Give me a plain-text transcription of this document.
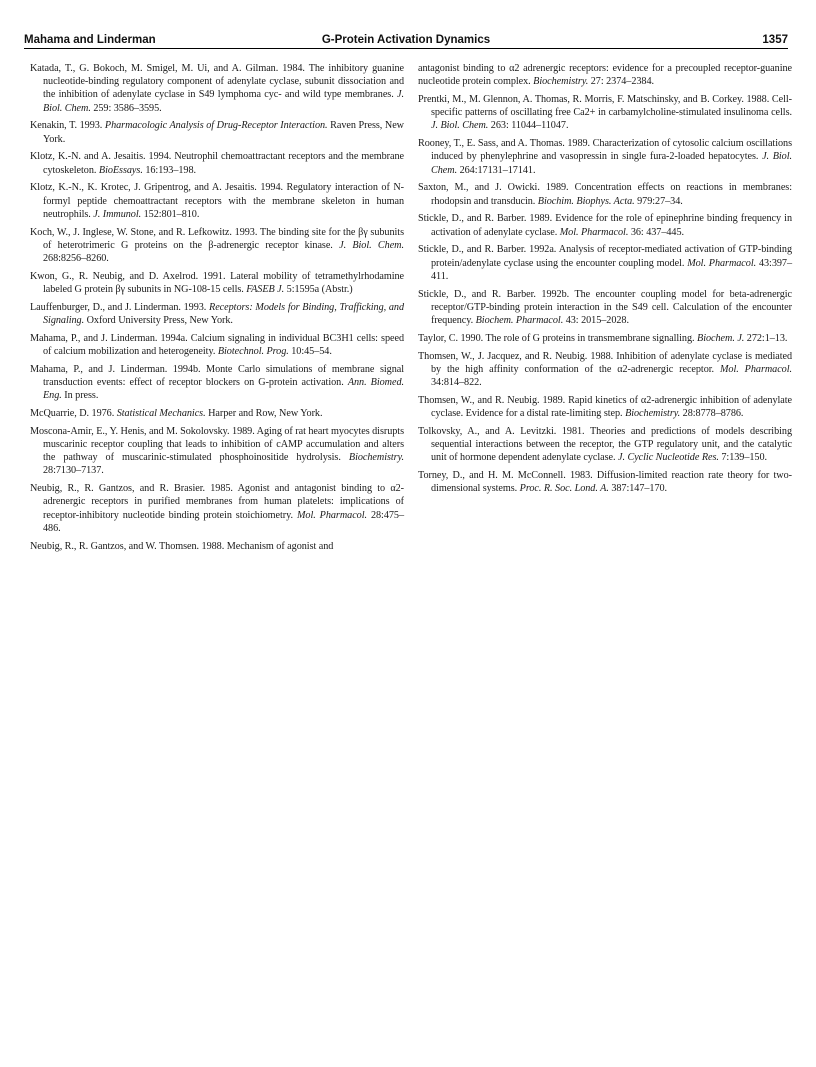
Mahama and Linderman	G-Protein Activation Dynamics	1357

Katada, T., G. Bokoch, M. Smigel, M. Ui, and A. Gilman. 1984. The inhibitory guanine nucleotide-binding regulatory component of adenylate cyclase, subunit dissociation and the inhibition of adenylate cyclase in S49 lymphoma cyc- and wild type membranes. J. Biol. Chem. 259: 3586–3595.

Kenakin, T. 1993. Pharmacologic Analysis of Drug-Receptor Interaction. Raven Press, New York.

Klotz, K.-N. and A. Jesaitis. 1994. Neutrophil chemoattractant receptors and the membrane cytoskeleton. BioEssays. 16:193–198.

Klotz, K.-N., K. Krotec, J. Gripentrog, and A. Jesaitis. 1994. Regulatory interaction of N-formyl peptide chemoattractant receptors with the membrane skeleton in human neutrophils. J. Immunol. 152:801–810.

Koch, W., J. Inglese, W. Stone, and R. Lefkowitz. 1993. The binding site for the βγ subunits of heterotrimeric G proteins on the β-adrenergic receptor kinase. J. Biol. Chem. 268:8256–8260.

Kwon, G., R. Neubig, and D. Axelrod. 1991. Lateral mobility of tetramethylrhodamine labeled G protein βγ subunits in NG-108-15 cells. FASEB J. 5:1595a (Abstr.)

Lauffenburger, D., and J. Linderman. 1993. Receptors: Models for Binding, Trafficking, and Signaling. Oxford University Press, New York.

Mahama, P., and J. Linderman. 1994a. Calcium signaling in individual BC3H1 cells: speed of calcium mobilization and heterogeneity. Biotechnol. Prog. 10:45–54.

Mahama, P., and J. Linderman. 1994b. Monte Carlo simulations of membrane signal transduction events: effect of receptor blockers on G-protein activation. Ann. Biomed. Eng. In press.

McQuarrie, D. 1976. Statistical Mechanics. Harper and Row, New York.

Moscona-Amir, E., Y. Henis, and M. Sokolovsky. 1989. Aging of rat heart myocytes disrupts muscarinic receptor coupling that leads to inhibition of cAMP accumulation and alters the pathway of muscarinic-stimulated phosphoinositide hydrolysis. Biochemistry. 28:7130–7137.

Neubig, R., R. Gantzos, and R. Brasier. 1985. Agonist and antagonist binding to α2-adrenergic receptors in purified membranes from human platelets: implications of receptor-inhibitory nucleotide binding protein stoichiometry. Mol. Pharmacol. 28:475–486.

Neubig, R., R. Gantzos, and W. Thomsen. 1988. Mechanism of agonist and

antagonist binding to α2 adrenergic receptors: evidence for a precoupled receptor-guanine nucleotide protein complex. Biochemistry. 27: 2374–2384.

Prentki, M., M. Glennon, A. Thomas, R. Morris, F. Matschinsky, and B. Corkey. 1988. Cell-specific patterns of oscillating free Ca2+ in carbamylcholine-stimulated insulinoma cells. J. Biol. Chem. 263: 11044–11047.

Rooney, T., E. Sass, and A. Thomas. 1989. Characterization of cytosolic calcium oscillations induced by phenylephrine and vasopressin in single fura-2-loaded hepatocytes. J. Biol. Chem. 264:17131–17141.

Saxton, M., and J. Owicki. 1989. Concentration effects on reactions in membranes: rhodopsin and transducin. Biochim. Biophys. Acta. 979:27–34.

Stickle, D., and R. Barber. 1989. Evidence for the role of epinephrine binding frequency in activation of adenylate cyclase. Mol. Pharmacol. 36: 437–445.

Stickle, D., and R. Barber. 1992a. Analysis of receptor-mediated activation of GTP-binding protein/adenylate cyclase using the encounter coupling model. Mol. Pharmacol. 43:397–411.

Stickle, D., and R. Barber. 1992b. The encounter coupling model for beta-adrenergic receptor/GTP-binding protein interaction in the S49 cell. Calculation of the encounter frequency. Biochem. Pharmacol. 43: 2015–2028.

Taylor, C. 1990. The role of G proteins in transmembrane signalling. Biochem. J. 272:1–13.

Thomsen, W., J. Jacquez, and R. Neubig. 1988. Inhibition of adenylate cyclase is mediated by the high affinity conformation of the α2-adrenergic receptor. Mol. Pharmacol. 34:814–822.

Thomsen, W., and R. Neubig. 1989. Rapid kinetics of α2-adrenergic inhibition of adenylate cyclase. Evidence for a distal rate-limiting step. Biochemistry. 28:8778–8786.

Tolkovsky, A., and A. Levitzki. 1981. Theories and predictions of models describing sequential interactions between the receptor, the GTP regulatory unit, and the catalytic unit of hormone dependent adenylate cyclase. J. Cyclic Nucleotide Res. 7:139–150.

Torney, D., and H. M. McConnell. 1983. Diffusion-limited reaction rate theory for two-dimensional systems. Proc. R. Soc. Lond. A. 387:147–170.
